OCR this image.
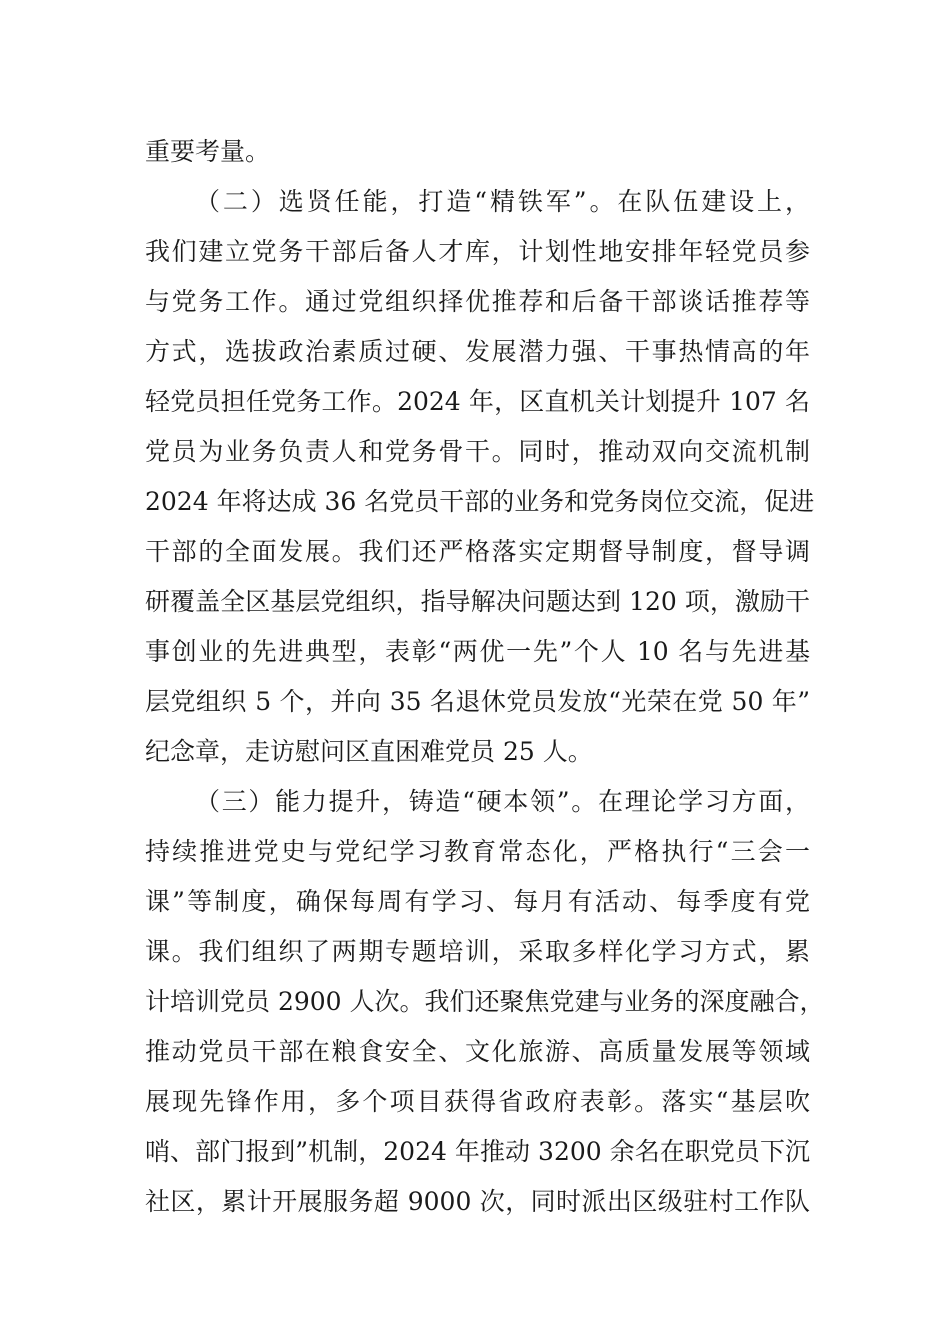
重要考量。
（二）选贤任能，打造“精铁军”。在队伍建设上，
我们建立党务干部后备人才库，计划性地安排年轻党员参
与党务工作。通过党组织择优推荐和后备干部谈话推荐等
方式，选拔政治素质过硬、发展潜力强、干事热情高的年
轻党员担任党务工作。2024 年，区直机关计划提升 107 名
党员为业务负责人和党务骨干。同时，推动双向交流机制
2024 年将达成 36 名党员干部的业务和党务岗位交流，促进
干部的全面发展。我们还严格落实定期督导制度，督导调
研覆盖全区基层党组织，指导解决问题达到 120 项，激励干
事创业的先进典型，表彰“两优一先”个人 10 名与先进基
层党组织 5 个，并向 35 名退休党员发放“光荣在党 50 年”
纪念章，走访慰问区直困难党员 25 人。
（三）能力提升，铸造“硬本领”。在理论学习方面，
持续推进党史与党纪学习教育常态化，严格执行“三会一
课”等制度，确保每周有学习、每月有活动、每季度有党
课。我们组织了两期专题培训，采取多样化学习方式，累
计培训党员 2900 人次。我们还聚焦党建与业务的深度融合，
推动党员干部在粮食安全、文化旅游、高质量发展等领域
展现先锋作用，多个项目获得省政府表彰。落实“基层吹
哨、部门报到”机制，2024 年推动 3200 余名在职党员下沉
社区，累计开展服务超 9000 次，同时派出区级驻村工作队
